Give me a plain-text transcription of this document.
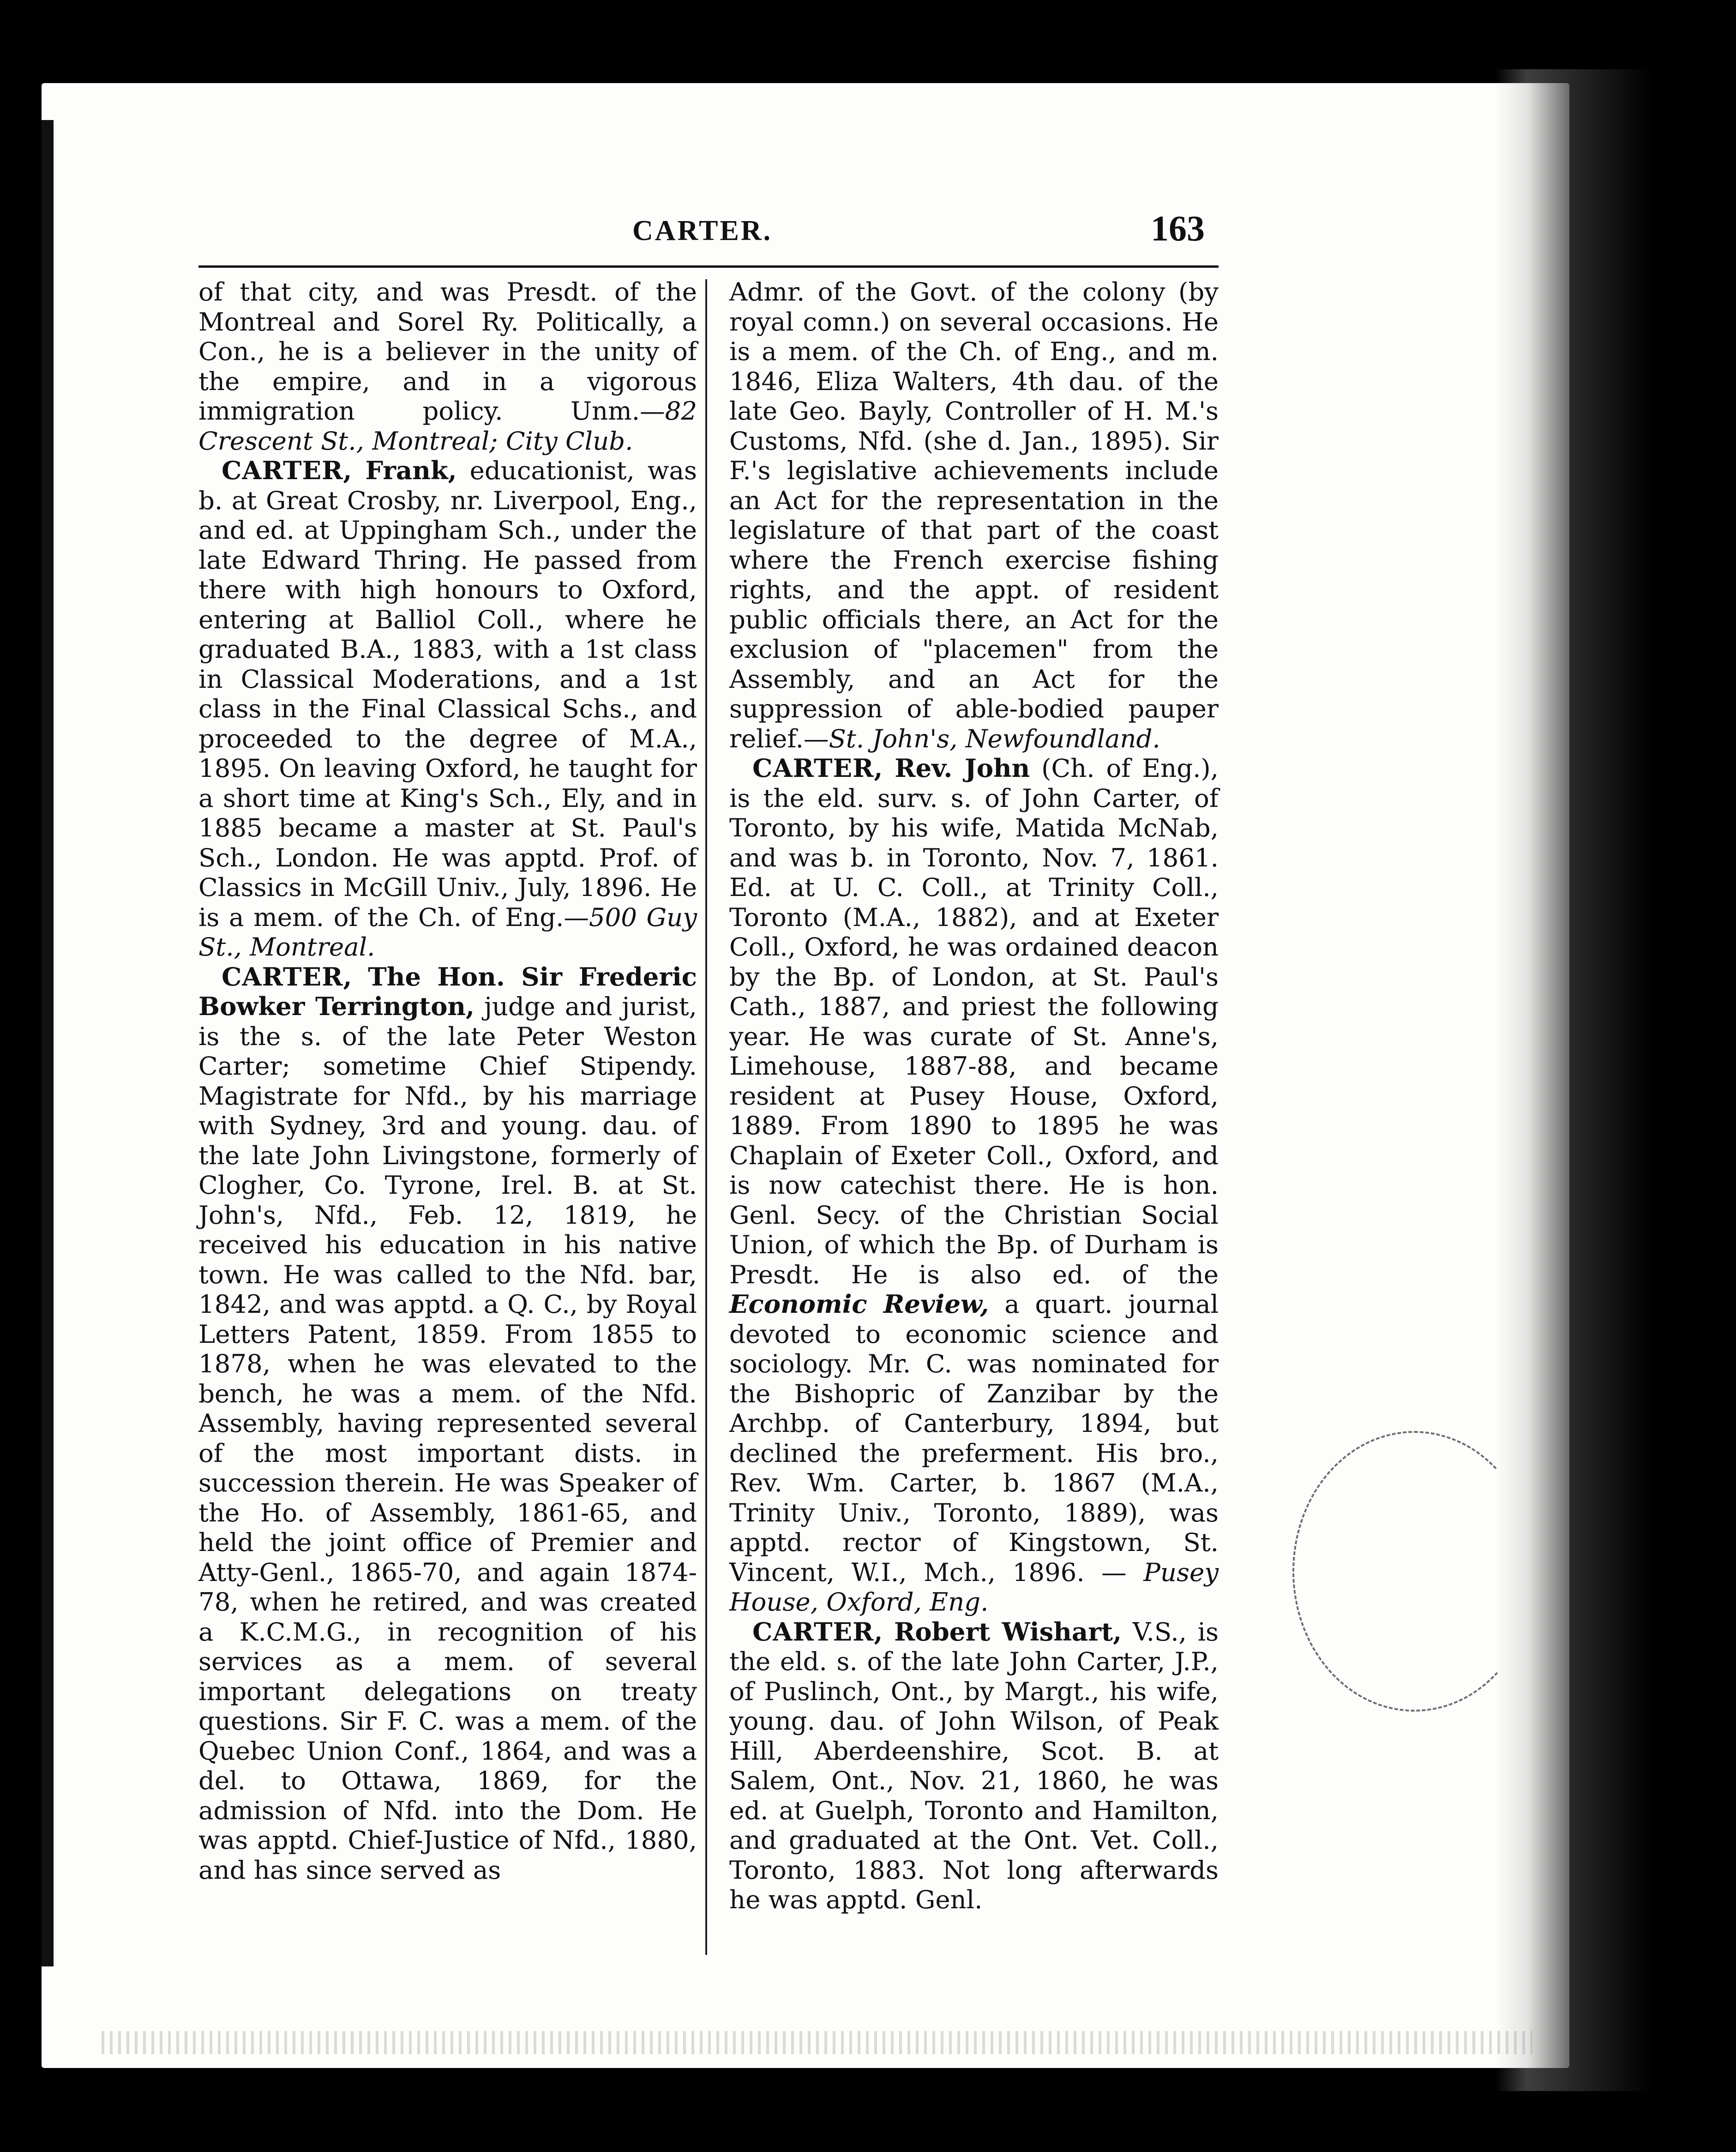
CARTER.	163

of that city, and was Presdt. of the Montreal and Sorel Ry. Politically, a Con., he is a believer in the unity of the empire, and in a vigorous immigration policy. Unm.—82 Crescent St., Montreal; City Club.

CARTER, Frank, educationist, was b. at Great Crosby, nr. Liverpool, Eng., and ed. at Uppingham Sch., under the late Edward Thring. He passed from there with high honours to Oxford, entering at Balliol Coll., where he graduated B.A., 1883, with a 1st class in Classical Moderations, and a 1st class in the Final Classical Schs., and proceeded to the degree of M.A., 1895. On leaving Oxford, he taught for a short time at King's Sch., Ely, and in 1885 became a master at St. Paul's Sch., London. He was apptd. Prof. of Classics in McGill Univ., July, 1896. He is a mem. of the Ch. of Eng.—500 Guy St., Montreal.

CARTER, The Hon. Sir Frederic Bowker Terrington, judge and jurist, is the s. of the late Peter Weston Carter; sometime Chief Stipendy. Magistrate for Nfd., by his marriage with Sydney, 3rd and young. dau. of the late John Livingstone, formerly of Clogher, Co. Tyrone, Irel. B. at St. John's, Nfd., Feb. 12, 1819, he received his education in his native town. He was called to the Nfd. bar, 1842, and was apptd. a Q. C., by Royal Letters Patent, 1859. From 1855 to 1878, when he was elevated to the bench, he was a mem. of the Nfd. Assembly, having represented several of the most important dists. in succession therein. He was Speaker of the Ho. of Assembly, 1861-65, and held the joint office of Premier and Atty-Genl., 1865-70, and again 1874-78, when he retired, and was created a K.C.M.G., in recognition of his services as a mem. of several important delegations on treaty questions. Sir F. C. was a mem. of the Quebec Union Conf., 1864, and was a del. to Ottawa, 1869, for the admission of Nfd. into the Dom. He was apptd. Chief-Justice of Nfd., 1880, and has since served as

Admr. of the Govt. of the colony (by royal comn.) on several occasions. He is a mem. of the Ch. of Eng., and m. 1846, Eliza Walters, 4th dau. of the late Geo. Bayly, Controller of H. M.'s Customs, Nfd. (she d. Jan., 1895). Sir F.'s legislative achievements include an Act for the representation in the legislature of that part of the coast where the French exercise fishing rights, and the appt. of resident public officials there, an Act for the exclusion of "placemen" from the Assembly, and an Act for the suppression of able-bodied pauper relief.—St. John's, Newfoundland.

CARTER, Rev. John (Ch. of Eng.), is the eld. surv. s. of John Carter, of Toronto, by his wife, Matida McNab, and was b. in Toronto, Nov. 7, 1861. Ed. at U. C. Coll., at Trinity Coll., Toronto (M.A., 1882), and at Exeter Coll., Oxford, he was ordained deacon by the Bp. of London, at St. Paul's Cath., 1887, and priest the following year. He was curate of St. Anne's, Limehouse, 1887-88, and became resident at Pusey House, Oxford, 1889. From 1890 to 1895 he was Chaplain of Exeter Coll., Oxford, and is now catechist there. He is hon. Genl. Secy. of the Christian Social Union, of which the Bp. of Durham is Presdt. He is also ed. of the Economic Review, a quart. journal devoted to economic science and sociology. Mr. C. was nominated for the Bishopric of Zanzibar by the Archbp. of Canterbury, 1894, but declined the preferment. His bro., Rev. Wm. Carter, b. 1867 (M.A., Trinity Univ., Toronto, 1889), was apptd. rector of Kingstown, St. Vincent, W.I., Mch., 1896. — Pusey House, Oxford, Eng.

CARTER, Robert Wishart, V.S., is the eld. s. of the late John Carter, J.P., of Puslinch, Ont., by Margt., his wife, young. dau. of John Wilson, of Peak Hill, Aberdeenshire, Scot. B. at Salem, Ont., Nov. 21, 1860, he was ed. at Guelph, Toronto and Hamilton, and graduated at the Ont. Vet. Coll., Toronto, 1883. Not long afterwards he was apptd. Genl.
